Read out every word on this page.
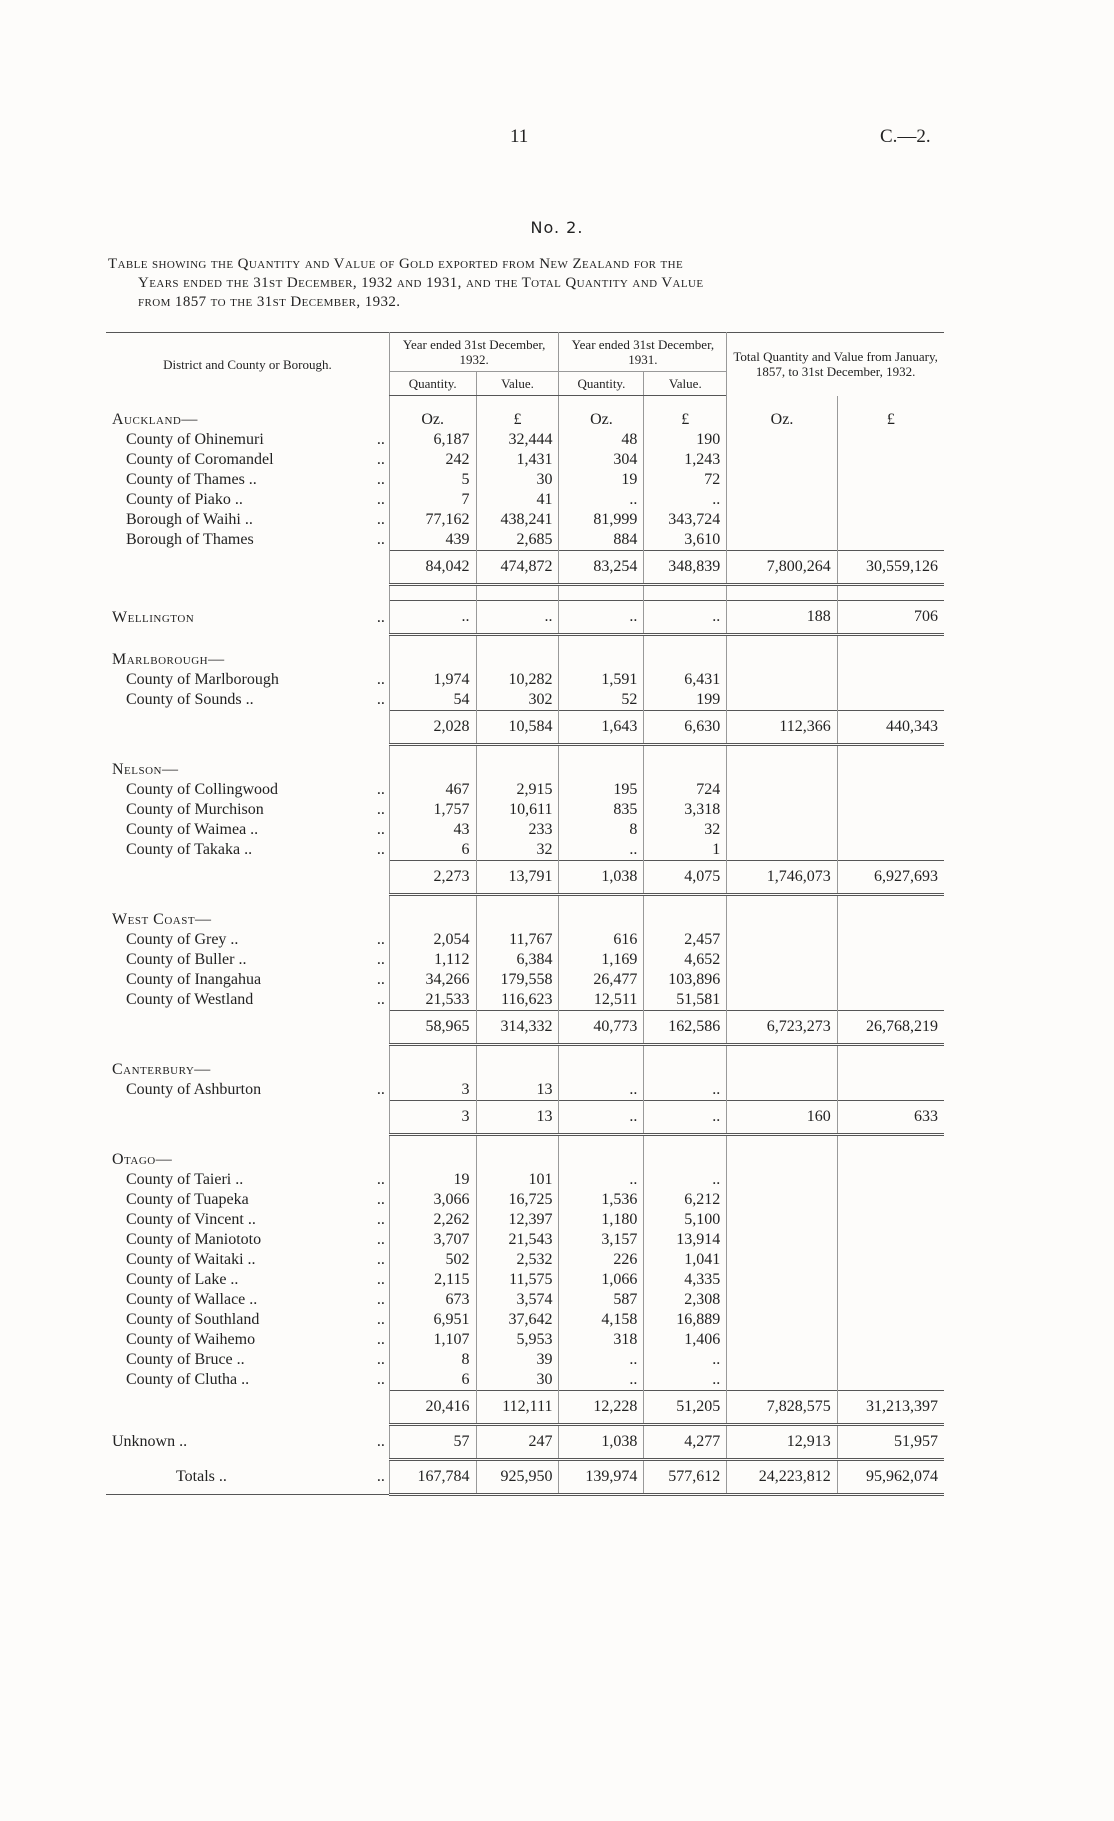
11	C.—2.
No. 2.
Table showing the Quantity and Value of Gold exported from New Zealand for the
Years ended the 31st December, 1932 and 1931, and the Total Quantity and Value
from 1857 to the 31st December, 1932.
District and County or Borough.		Year ended 31st December, 1932.		Year ended 31st December, 1931.		Total Quantity and Value from January, 1857, to 31st December, 1932.	
		Quantity.	Value.	Quantity.	Value.		

Auckland—		Oz.	£	Oz.	£	Oz.	£
County of Ohinemuri	..	6,187	32,444	48	190		
County of Coromandel	..	242	1,431	304	1,243		
County of Thames ..	..	5	30	19	72		
County of Piako ..	..	7	41	..	..		
Borough of Waihi ..	..	77,162	438,241	81,999	343,724		
Borough of Thames	..	439	2,685	884	3,610		
		84,042	474,872	83,254	348,839	7,800,264	30,559,126

Wellington	..	..	..	..	..	188	706

Marlborough—							
County of Marlborough	..	1,974	10,282	1,591	6,431		
County of Sounds ..	..	54	302	52	199		
		2,028	10,584	1,643	6,630	112,366	440,343

Nelson—							
County of Collingwood	..	467	2,915	195	724		
County of Murchison	..	1,757	10,611	835	3,318		
County of Waimea ..	..	43	233	8	32		
County of Takaka ..	..	6	32	..	1		
		2,273	13,791	1,038	4,075	1,746,073	6,927,693

West Coast—							
County of Grey ..	..	2,054	11,767	616	2,457		
County of Buller ..	..	1,112	6,384	1,169	4,652		
County of Inangahua	..	34,266	179,558	26,477	103,896		
County of Westland	..	21,533	116,623	12,511	51,581		
		58,965	314,332	40,773	162,586	6,723,273	26,768,219

Canterbury—							
County of Ashburton	..	3	13	..	..		
		3	13	..	..	160	633

Otago—							
County of Taieri ..	..	19	101	..	..		
County of Tuapeka	..	3,066	16,725	1,536	6,212		
County of Vincent ..	..	2,262	12,397	1,180	5,100		
County of Maniototo	..	3,707	21,543	3,157	13,914		
County of Waitaki ..	..	502	2,532	226	1,041		
County of Lake ..	..	2,115	11,575	1,066	4,335		
County of Wallace ..	..	673	3,574	587	2,308		
County of Southland	..	6,951	37,642	4,158	16,889		
County of Waihemo	..	1,107	5,953	318	1,406		
County of Bruce ..	..	8	39	..	..		
County of Clutha ..	..	6	30	..	..		
		20,416	112,111	12,228	51,205	7,828,575	31,213,397
Unknown ..	..	57	247	1,038	4,277	12,913	51,957
Totals ..	..	167,784	925,950	139,974	577,612	24,223,812	95,962,074
